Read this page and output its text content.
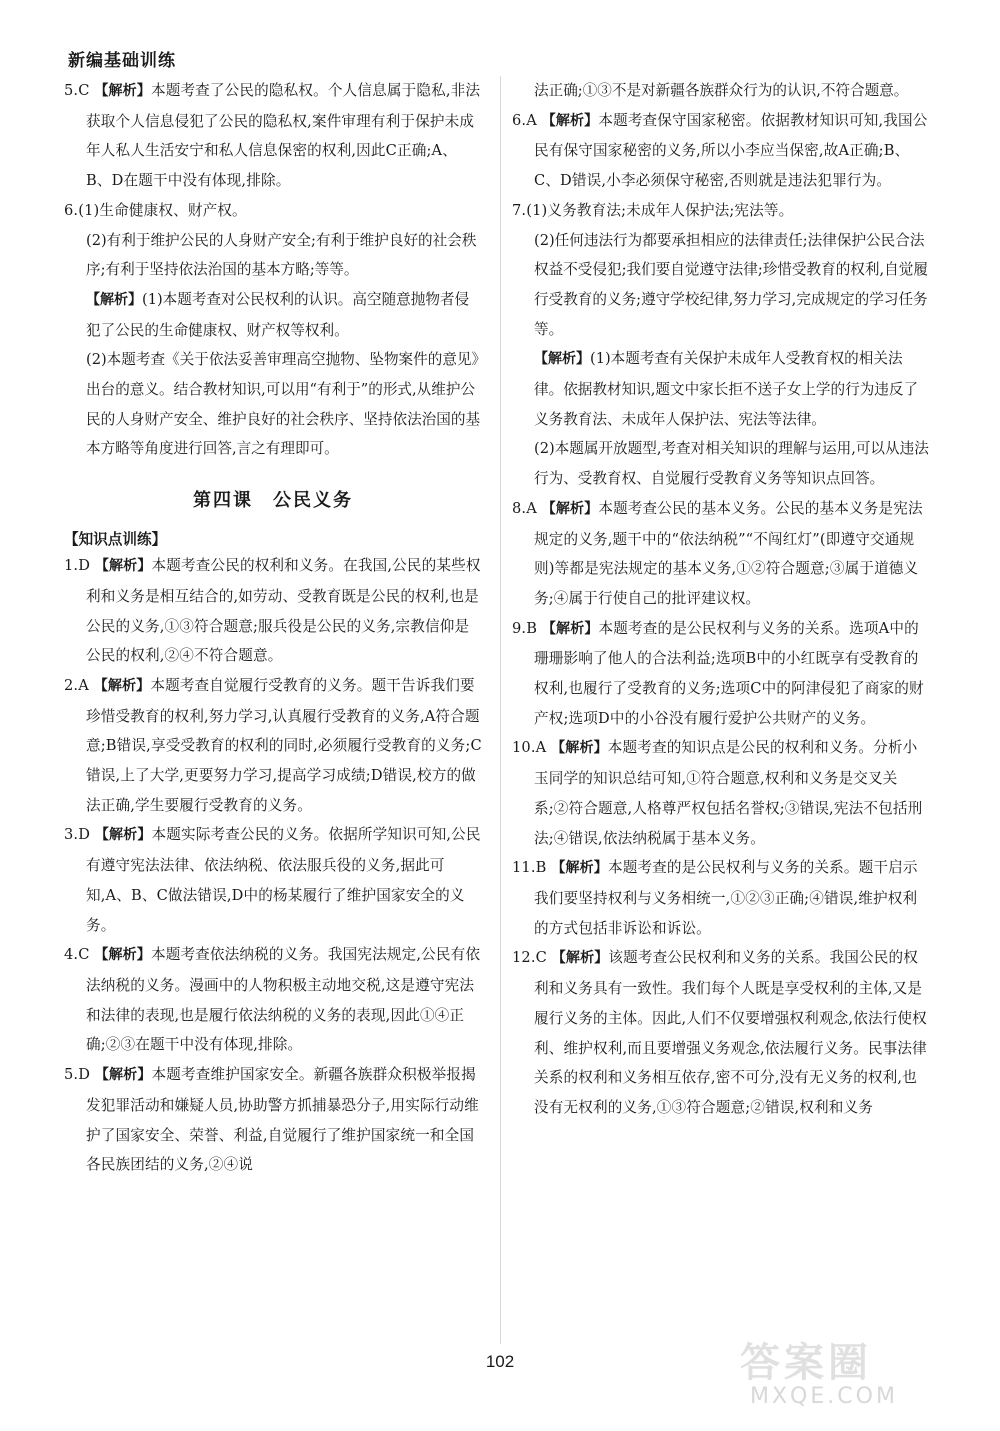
新编基础训练

5.C 【解析】本题考查了公民的隐私权。个人信息属于隐私,非法获取个人信息侵犯了公民的隐私权,案件审理有利于保护未成年人私人生活安宁和私人信息保密的权利,因此C正确;A、B、D在题干中没有体现,排除。

6.(1)生命健康权、财产权。

(2)有利于维护公民的人身财产安全;有利于维护良好的社会秩序;有利于坚持依法治国的基本方略;等等。

【解析】(1)本题考查对公民权利的认识。高空随意抛物者侵犯了公民的生命健康权、财产权等权利。

(2)本题考查《关于依法妥善审理高空抛物、坠物案件的意见》出台的意义。结合教材知识,可以用“有利于”的形式,从维护公民的人身财产安全、维护良好的社会秩序、坚持依法治国的基本方略等角度进行回答,言之有理即可。

第四课　公民义务
【知识点训练】

1.D 【解析】本题考查公民的权利和义务。在我国,公民的某些权利和义务是相互结合的,如劳动、受教育既是公民的权利,也是公民的义务,①③符合题意;服兵役是公民的义务,宗教信仰是公民的权利,②④不符合题意。

2.A 【解析】本题考查自觉履行受教育的义务。题干告诉我们要珍惜受教育的权利,努力学习,认真履行受教育的义务,A符合题意;B错误,享受受教育的权利的同时,必须履行受教育的义务;C错误,上了大学,更要努力学习,提高学习成绩;D错误,校方的做法正确,学生要履行受教育的义务。

3.D 【解析】本题实际考查公民的义务。依据所学知识可知,公民有遵守宪法法律、依法纳税、依法服兵役的义务,据此可知,A、B、C做法错误,D中的杨某履行了维护国家安全的义务。

4.C 【解析】本题考查依法纳税的义务。我国宪法规定,公民有依法纳税的义务。漫画中的人物积极主动地交税,这是遵守宪法和法律的表现,也是履行依法纳税的义务的表现,因此①④正确;②③在题干中没有体现,排除。

5.D 【解析】本题考查维护国家安全。新疆各族群众积极举报揭发犯罪活动和嫌疑人员,协助警方抓捕暴恐分子,用实际行动维护了国家安全、荣誉、利益,自觉履行了维护国家统一和全国各民族团结的义务,②④说

法正确;①③不是对新疆各族群众行为的认识,不符合题意。

6.A 【解析】本题考查保守国家秘密。依据教材知识可知,我国公民有保守国家秘密的义务,所以小李应当保密,故A正确;B、C、D错误,小李必须保守秘密,否则就是违法犯罪行为。

7.(1)义务教育法;未成年人保护法;宪法等。

(2)任何违法行为都要承担相应的法律责任;法律保护公民合法权益不受侵犯;我们要自觉遵守法律;珍惜受教育的权利,自觉履行受教育的义务;遵守学校纪律,努力学习,完成规定的学习任务等。

【解析】(1)本题考查有关保护未成年人受教育权的相关法律。依据教材知识,题文中家长拒不送子女上学的行为违反了义务教育法、未成年人保护法、宪法等法律。

(2)本题属开放题型,考查对相关知识的理解与运用,可以从违法行为、受教育权、自觉履行受教育义务等知识点回答。

8.A 【解析】本题考查公民的基本义务。公民的基本义务是宪法规定的义务,题干中的“依法纳税”“不闯红灯”(即遵守交通规则)等都是宪法规定的基本义务,①②符合题意;③属于道德义务;④属于行使自己的批评建议权。

9.B 【解析】本题考查的是公民权利与义务的关系。选项A中的珊珊影响了他人的合法利益;选项B中的小红既享有受教育的权利,也履行了受教育的义务;选项C中的阿津侵犯了商家的财产权;选项D中的小谷没有履行爱护公共财产的义务。

10.A 【解析】本题考查的知识点是公民的权利和义务。分析小玉同学的知识总结可知,①符合题意,权利和义务是交叉关系;②符合题意,人格尊严权包括名誉权;③错误,宪法不包括刑法;④错误,依法纳税属于基本义务。

11.B 【解析】本题考查的是公民权利与义务的关系。题干启示我们要坚持权利与义务相统一,①②③正确;④错误,维护权利的方式包括非诉讼和诉讼。

12.C 【解析】该题考查公民权利和义务的关系。我国公民的权利和义务具有一致性。我们每个人既是享受权利的主体,又是履行义务的主体。因此,人们不仅要增强权利观念,依法行使权利、维护权利,而且要增强义务观念,依法履行义务。民事法律关系的权利和义务相互依存,密不可分,没有无义务的权利,也没有无权利的义务,①③符合题意;②错误,权利和义务

102	答案圈
MXQE.COM
